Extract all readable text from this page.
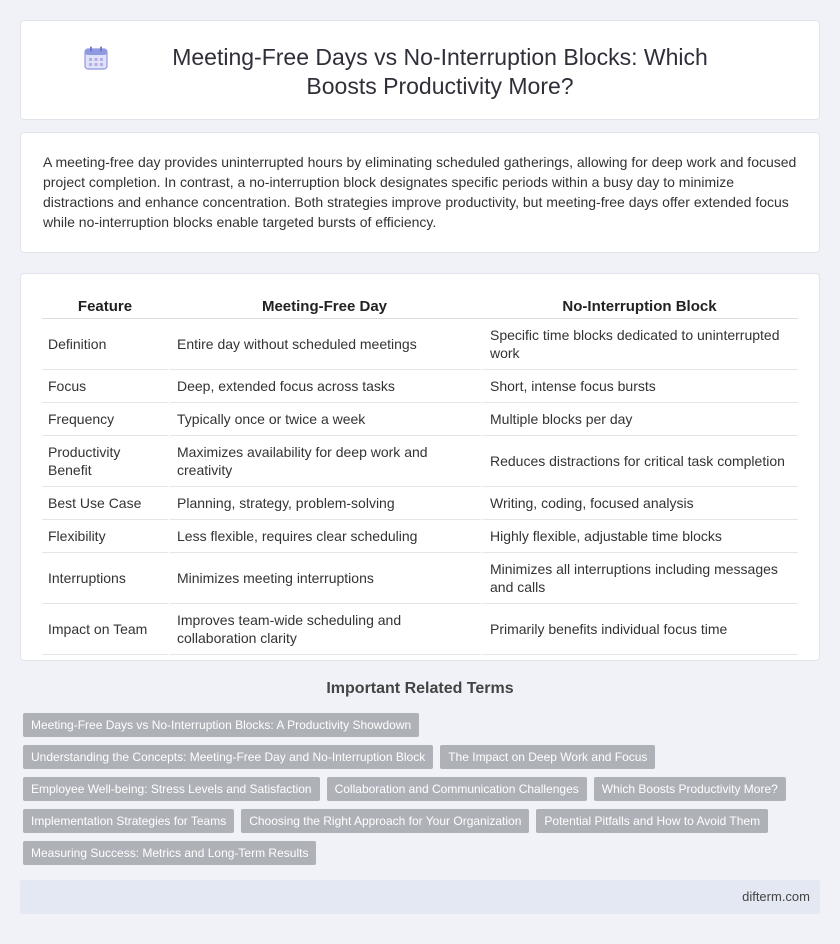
Meeting-Free Days vs No-Interruption Blocks: Which Boosts Productivity More?

A meeting-free day provides uninterrupted hours by eliminating scheduled gatherings, allowing for deep work and focused project completion. In contrast, a no-interruption block designates specific periods within a busy day to minimize distractions and enhance concentration. Both strategies improve productivity, but meeting-free days offer extended focus while no-interruption blocks enable targeted bursts of efficiency.

Feature	Meeting-Free Day	No-Interruption Block
Definition	Entire day without scheduled meetings	Specific time blocks dedicated to uninterrupted work
Focus	Deep, extended focus across tasks	Short, intense focus bursts
Frequency	Typically once or twice a week	Multiple blocks per day
Productivity Benefit	Maximizes availability for deep work and creativity	Reduces distractions for critical task completion
Best Use Case	Planning, strategy, problem-solving	Writing, coding, focused analysis
Flexibility	Less flexible, requires clear scheduling	Highly flexible, adjustable time blocks
Interruptions	Minimizes meeting interruptions	Minimizes all interruptions including messages and calls
Impact on Team	Improves team-wide scheduling and collaboration clarity	Primarily benefits individual focus time
Important Related Terms
Meeting-Free Days vs No-Interruption Blocks: A Productivity Showdown
Understanding the Concepts: Meeting-Free Day and No-Interruption Block	The Impact on Deep Work and Focus
Employee Well-being: Stress Levels and Satisfaction	Collaboration and Communication Challenges	Which Boosts Productivity More?
Implementation Strategies for Teams	Choosing the Right Approach for Your Organization	Potential Pitfalls and How to Avoid Them
Measuring Success: Metrics and Long-Term Results
difterm.com
